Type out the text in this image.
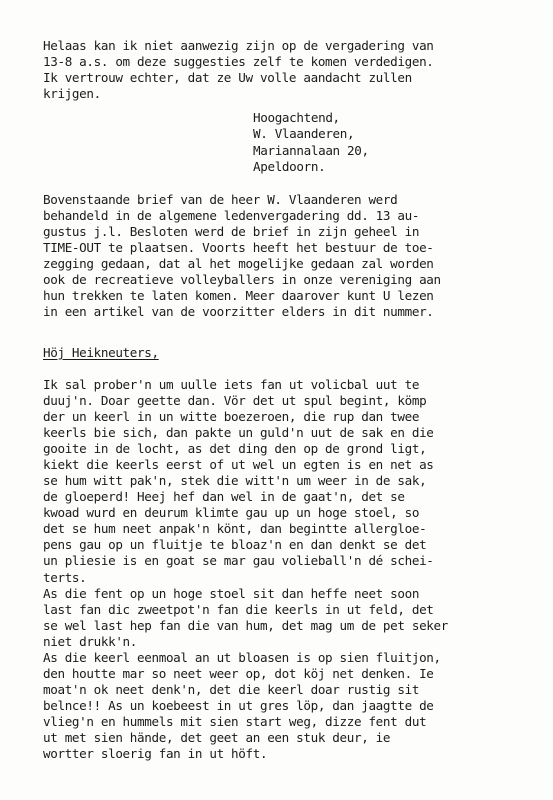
Helaas kan ik niet aanwezig zijn op de vergadering van
13-8 a.s. om deze suggesties zelf te komen verdedigen.
Ik vertrouw echter, dat ze Uw volle aandacht zullen
krijgen.
Hoogachtend,
W. Vlaanderen,
Mariannalaan 20,
Apeldoorn.
Bovenstaande brief van de heer W. Vlaanderen werd
behandeld in de algemene ledenvergadering dd. 13 au-
gustus j.l. Besloten werd de brief in zijn geheel in
TIME-OUT te plaatsen. Voorts heeft het bestuur de toe-
zegging gedaan, dat al het mogelijke gedaan zal worden
ook de recreatieve volleyballers in onze vereniging aan
hun trekken te laten komen. Meer daarover kunt U lezen
in een artikel van de voorzitter elders in dit nummer.
Höj Heikneuters,
Ik sal prober'n um uulle iets fan ut volicbal uut te
duuj'n. Doar geette dan. Vör det ut spul begint, kömp
der un keerl in un witte boezeroen, die rup dan twee
keerls bie sich, dan pakte un guld'n uut de sak en die
gooite in de locht, as det ding den op de grond ligt,
kiekt die keerls eerst of ut wel un egten is en net as
se hum witt pak'n, stek die witt'n um weer in de sak,
de gloeperd! Heej hef dan wel in de gaat'n, det se
kwoad wurd en deurum klimte gau up un hoge stoel, so
det se hum neet anpak'n könt, dan begintte allergloe-
pens gau op un fluitje te bloaz'n en dan denkt se det
un pliesie is en goat se mar gau volieball'n dé schei-
terts.
As die fent op un hoge stoel sit dan heffe neet soon
last fan dic zweetpot'n fan die keerls in ut feld, det
se wel last hep fan die van hum, det mag um de pet seker
niet drukk'n.
As die keerl eenmoal an ut bloasen is op sien fluitjon,
den houtte mar so neet weer op, dot köj net denken. Ie
moat'n ok neet denk'n, det die keerl doar rustig sit
belnce!! As un koebeest in ut gres löp, dan jaagtte de
vlieg'n en hummels mit sien start weg, dizze fent dut
ut met sien hände, det geet an een stuk deur, ie
wortter sloerig fan in ut höft.
